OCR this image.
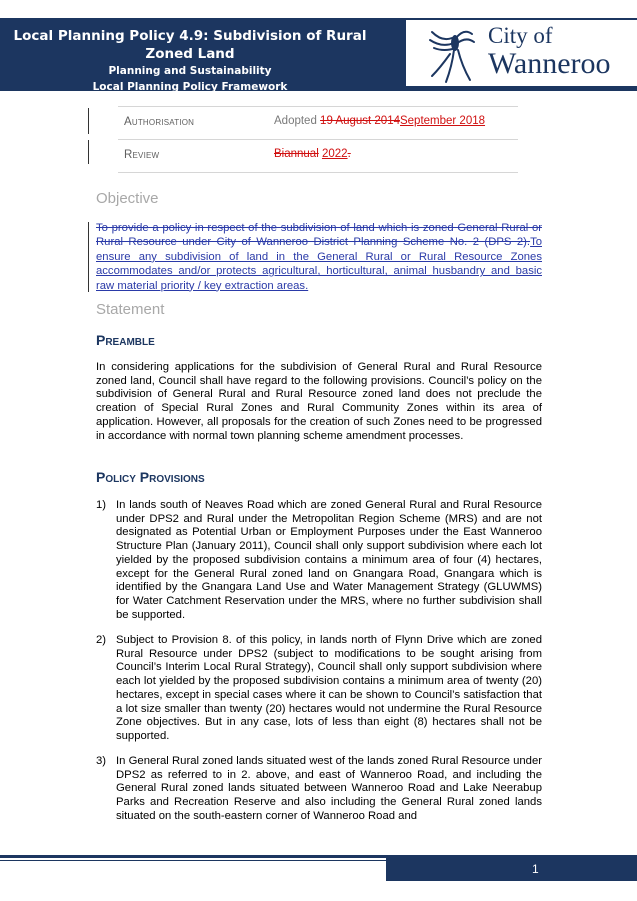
Local Planning Policy 4.9: Subdivision of Rural Zoned Land
Planning and Sustainability
Local Planning Policy Framework
City of
Wanneroo
Authorisation	Adopted 19 August 2014September 2018
Review	Biannual 2022.
Objective
To provide a policy in respect of the subdivision of land which is zoned General Rural or Rural Resource under City of Wanneroo District Planning Scheme No. 2 (DPS 2).To ensure any subdivision of land in the General Rural or Rural Resource Zones accommodates and/or protects agricultural, horticultural, animal husbandry and basic raw material priority / key extraction areas.
Statement
Preamble
In considering applications for the subdivision of General Rural and Rural Resource zoned land, Council shall have regard to the following provisions. Council’s policy on the subdivision of General Rural and Rural Resource zoned land does not preclude the creation of Special Rural Zones and Rural Community Zones within its area of application. However, all proposals for the creation of such Zones need to be progressed in accordance with normal town planning scheme amendment processes.
Policy Provisions
1) In lands south of Neaves Road which are zoned General Rural and Rural Resource under DPS2 and Rural under the Metropolitan Region Scheme (MRS) and are not designated as Potential Urban or Employment Purposes under the East Wanneroo Structure Plan (January 2011), Council shall only support subdivision where each lot yielded by the proposed subdivision contains a minimum area of four (4) hectares, except for the General Rural zoned land on Gnangara Road, Gnangara which is identified by the Gnangara Land Use and Water Management Strategy (GLUWMS) for Water Catchment Reservation under the MRS, where no further subdivision shall be supported.
2) Subject to Provision 8. of this policy, in lands north of Flynn Drive which are zoned Rural Resource under DPS2 (subject to modifications to be sought arising from Council’s Interim Local Rural Strategy), Council shall only support subdivision where each lot yielded by the proposed subdivision contains a minimum area of twenty (20) hectares, except in special cases where it can be shown to Council’s satisfaction that a lot size smaller than twenty (20) hectares would not undermine the Rural Resource Zone objectives. But in any case, lots of less than eight (8) hectares shall not be supported.
3) In General Rural zoned lands situated west of the lands zoned Rural Resource under DPS2 as referred to in 2. above, and east of Wanneroo Road, and including the General Rural zoned lands situated between Wanneroo Road and Lake Neerabup Parks and Recreation Reserve and also including the General Rural zoned lands situated on the south-eastern corner of Wanneroo Road and
1
